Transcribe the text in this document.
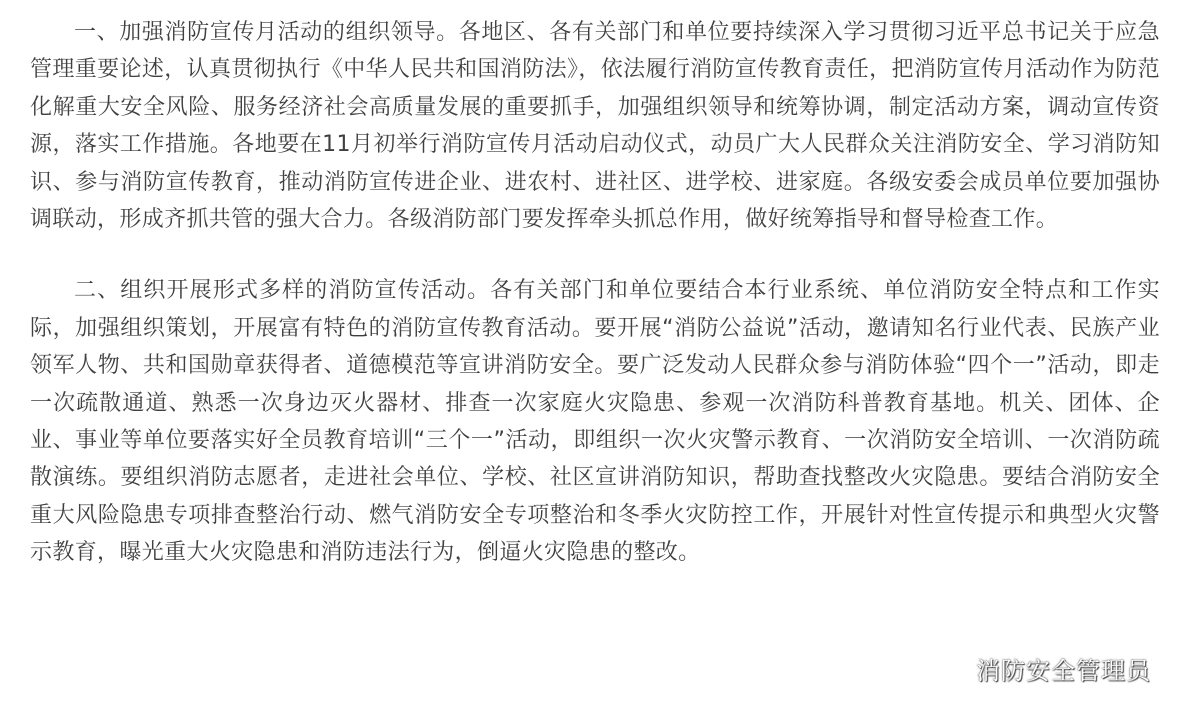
一、加强消防宣传月活动的组织领导。各地区、各有关部门和单位要持续深入学习贯彻习近平总书记关于应急管理重要论述，认真贯彻执行《中华人民共和国消防法》，依法履行消防宣传教育责任，把消防宣传月活动作为防范化解重大安全风险、服务经济社会高质量发展的重要抓手，加强组织领导和统筹协调，制定活动方案，调动宣传资源，落实工作措施。各地要在11月初举行消防宣传月活动启动仪式，动员广大人民群众关注消防安全、学习消防知识、参与消防宣传教育，推动消防宣传进企业、进农村、进社区、进学校、进家庭。各级安委会成员单位要加强协调联动，形成齐抓共管的强大合力。各级消防部门要发挥牵头抓总作用，做好统筹指导和督导检查工作。

二、组织开展形式多样的消防宣传活动。各有关部门和单位要结合本行业系统、单位消防安全特点和工作实际，加强组织策划，开展富有特色的消防宣传教育活动。要开展“消防公益说”活动，邀请知名行业代表、民族产业领军人物、共和国勋章获得者、道德模范等宣讲消防安全。要广泛发动人民群众参与消防体验“四个一”活动，即走一次疏散通道、熟悉一次身边灭火器材、排查一次家庭火灾隐患、参观一次消防科普教育基地。机关、团体、企业、事业等单位要落实好全员教育培训“三个一”活动，即组织一次火灾警示教育、一次消防安全培训、一次消防疏散演练。要组织消防志愿者，走进社会单位、学校、社区宣讲消防知识，帮助查找整改火灾隐患。要结合消防安全重大风险隐患专项排查整治行动、燃气消防安全专项整治和冬季火灾防控工作，开展针对性宣传提示和典型火灾警示教育，曝光重大火灾隐患和消防违法行为，倒逼火灾隐患的整改。

消防安全管理员
